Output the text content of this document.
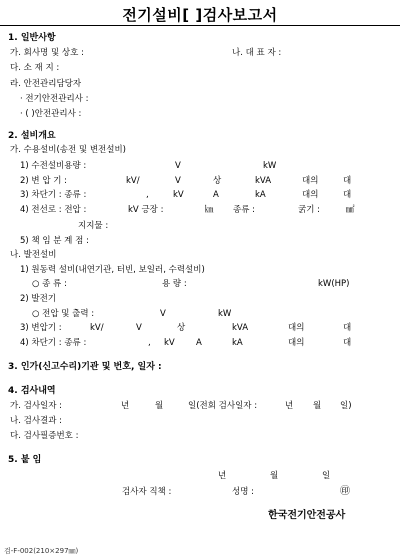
전기설비[ ]검사보고서
1. 일반사항
가. 회사명 및 상호 :	나. 대 표 자 :
다. 소 재 지 :
라. 안전관리담당자
· 전기안전관리사 :
· ( )안전관리사 :
2. 설비개요
가. 수용설비(송전 및 변전설비)
1) 수전설비용량 :	V	kW
2) 변 압 기 :	kV/	V	상	kVA	대의	대
3) 차단기 : 종류 :	,	kV	A	kA	대의	대
4) 전선로 : 전압 :	kV 긍장 :	㎞ 종류 :	굵기 :	㎟
지지물 :
5) 책 임 분 계 점 :
나. 발전설비
1) 원동력 설비(내연기관, 터빈, 보일러, 수력설비)
○ 종 류 :	용 량 :	kW(HP)
2) 발전기
○ 전압 및 출력 :	V	kW
3) 변압기 :	kV/	V	상	kVA	대의	대
4) 차단기 : 종류 :	, kV	A	kA	대의	대
3. 인가(신고수리)기관 및 번호, 일자 :
4. 검사내역
가. 검사일자 :	년	월	일(전회 검사일자 :	년 월 일)
나. 검사결과 :
다. 검사필증번호 :
5. 붙 임
년	월	일
검사자 직책 :	성명 :	㊞
한국전기안전공사
검-F-002(210×297㎜)
